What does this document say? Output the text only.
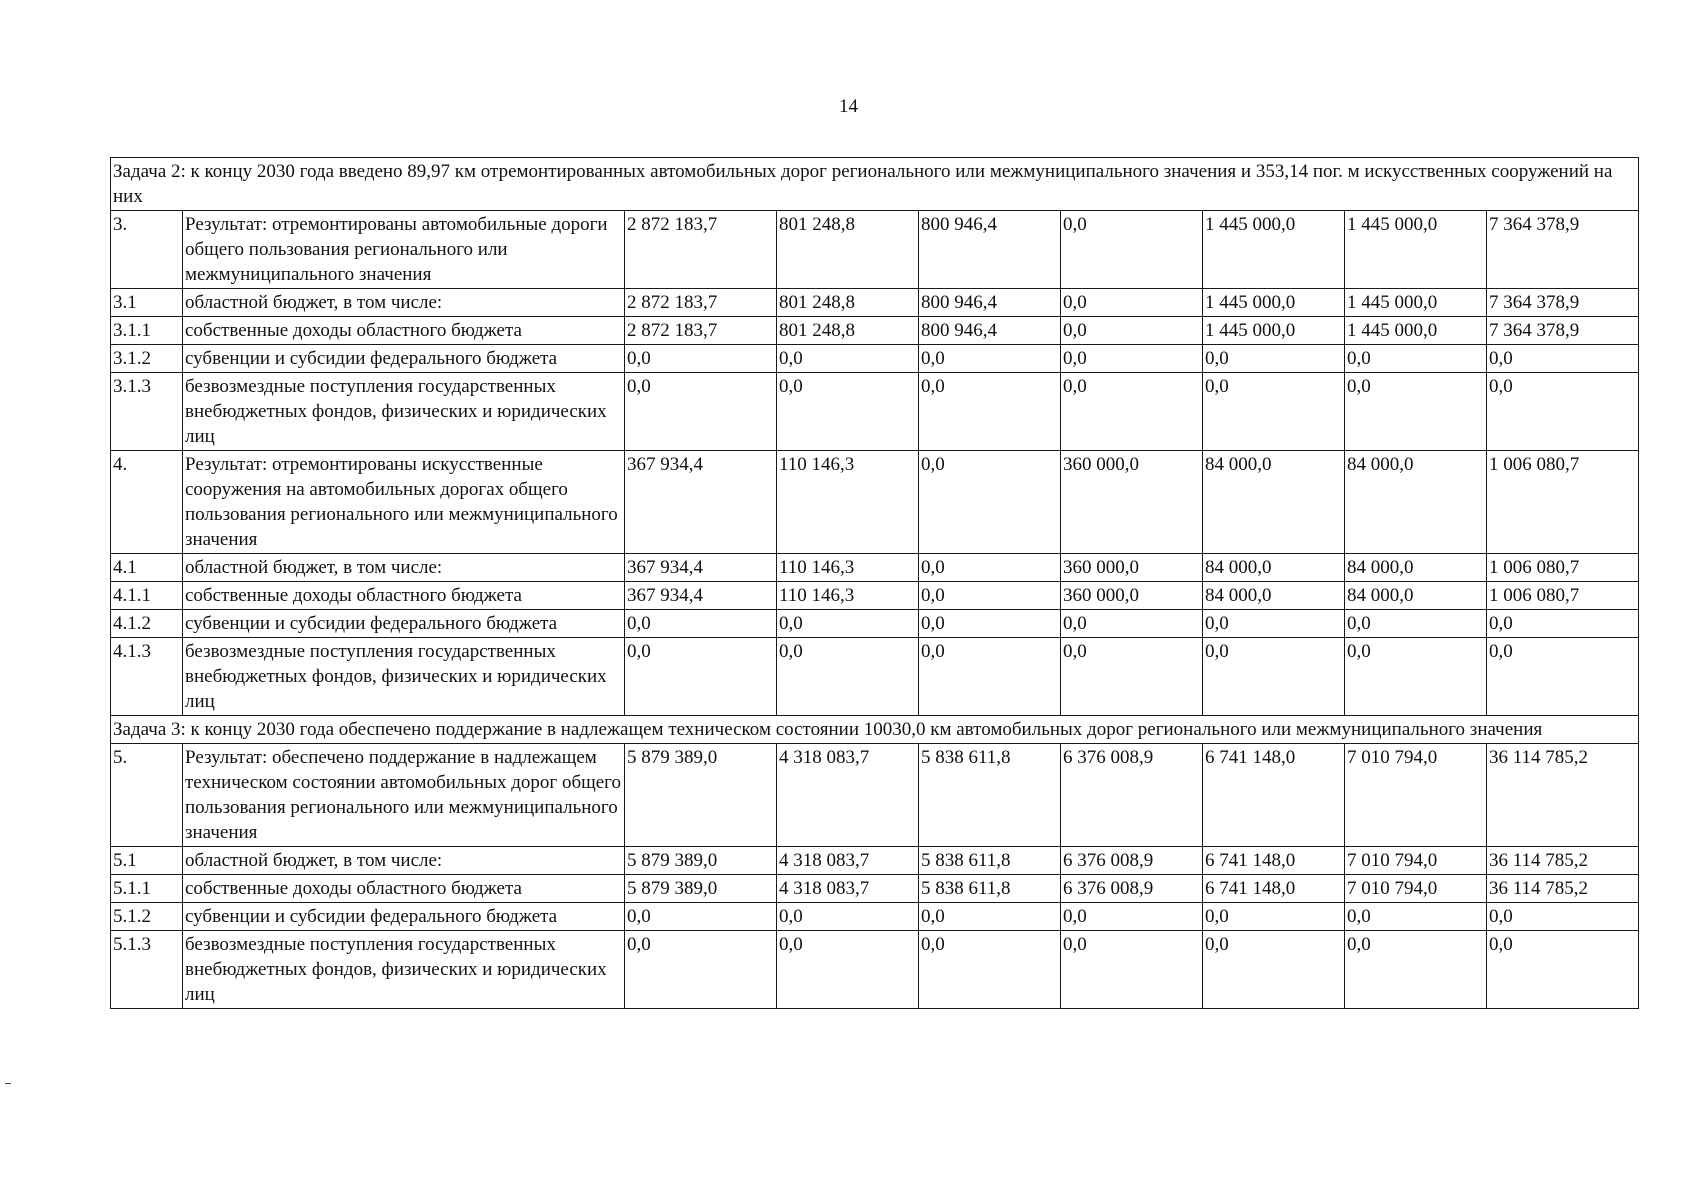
14
Задача 2: к концу 2030 года введено 89,97 км отремонтированных автомобильных дорог регионального или межмуниципального значения и 353,14 пог. м искусственных сооружений на них								
3.	Результат: отремонтированы автомобильные дороги общего пользования регионального или межмуниципального значения	2 872 183,7	801 248,8	800 946,4	0,0	1 445 000,0	1 445 000,0	7 364 378,9
3.1	областной бюджет, в том числе:	2 872 183,7	801 248,8	800 946,4	0,0	1 445 000,0	1 445 000,0	7 364 378,9
3.1.1	собственные доходы областного бюджета	2 872 183,7	801 248,8	800 946,4	0,0	1 445 000,0	1 445 000,0	7 364 378,9
3.1.2	субвенции и субсидии федерального бюджета	0,0	0,0	0,0	0,0	0,0	0,0	0,0
3.1.3	безвозмездные поступления государственных внебюджетных фондов, физических и юридических лиц	0,0	0,0	0,0	0,0	0,0	0,0	0,0
4.	Результат: отремонтированы искусственные сооружения на автомобильных дорогах общего пользования регионального или межмуниципального значения	367 934,4	110 146,3	0,0	360 000,0	84 000,0	84 000,0	1 006 080,7
4.1	областной бюджет, в том числе:	367 934,4	110 146,3	0,0	360 000,0	84 000,0	84 000,0	1 006 080,7
4.1.1	собственные доходы областного бюджета	367 934,4	110 146,3	0,0	360 000,0	84 000,0	84 000,0	1 006 080,7
4.1.2	субвенции и субсидии федерального бюджета	0,0	0,0	0,0	0,0	0,0	0,0	0,0
4.1.3	безвозмездные поступления государственных внебюджетных фондов, физических и юридических лиц	0,0	0,0	0,0	0,0	0,0	0,0	0,0
Задача 3: к концу 2030 года обеспечено поддержание в надлежащем техническом состоянии 10030,0 км автомобильных дорог регионального или межмуниципального значения								
5.	Результат: обеспечено поддержание в надлежащем техническом состоянии автомобильных дорог общего пользования регионального или межмуниципального значения	5 879 389,0	4 318 083,7	5 838 611,8	6 376 008,9	6 741 148,0	7 010 794,0	36 114 785,2
5.1	областной бюджет, в том числе:	5 879 389,0	4 318 083,7	5 838 611,8	6 376 008,9	6 741 148,0	7 010 794,0	36 114 785,2
5.1.1	собственные доходы областного бюджета	5 879 389,0	4 318 083,7	5 838 611,8	6 376 008,9	6 741 148,0	7 010 794,0	36 114 785,2
5.1.2	субвенции и субсидии федерального бюджета	0,0	0,0	0,0	0,0	0,0	0,0	0,0
5.1.3	безвозмездные поступления государственных внебюджетных фондов, физических и юридических лиц	0,0	0,0	0,0	0,0	0,0	0,0	0,0
